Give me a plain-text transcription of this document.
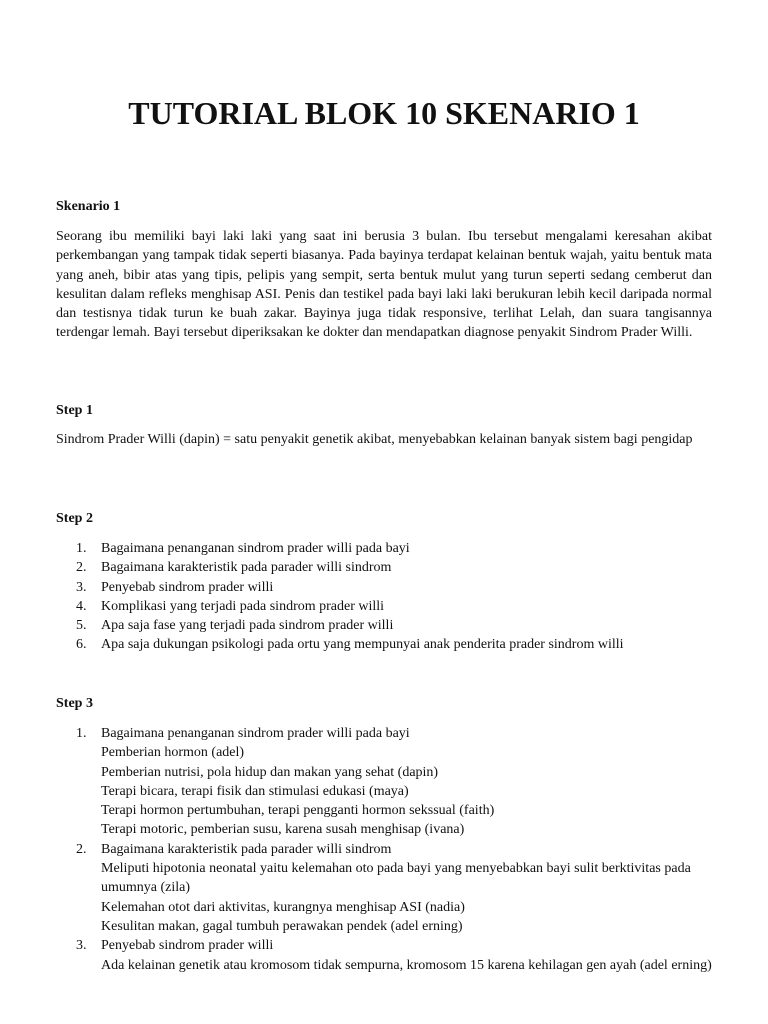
TUTORIAL BLOK 10 SKENARIO 1
Skenario 1

Seorang ibu memiliki bayi laki laki yang saat ini berusia 3 bulan. Ibu tersebut mengalami keresahan akibat perkembangan yang tampak tidak seperti biasanya. Pada bayinya terdapat kelainan bentuk wajah, yaitu bentuk mata yang aneh, bibir atas yang tipis, pelipis yang sempit, serta bentuk mulut yang turun seperti sedang cemberut dan kesulitan dalam refleks menghisap ASI. Penis dan testikel pada bayi laki laki berukuran lebih kecil daripada normal dan testisnya tidak turun ke buah zakar. Bayinya juga tidak responsive, terlihat Lelah, dan suara tangisannya terdengar lemah. Bayi tersebut diperiksakan ke dokter dan mendapatkan diagnose penyakit Sindrom Prader Willi.

Step 1

Sindrom Prader Willi (dapin) = satu penyakit genetik akibat, menyebabkan kelainan banyak sistem bagi pengidap

Step 2
1. Bagaimana penanganan sindrom prader willi pada bayi
2. Bagaimana karakteristik pada parader willi sindrom
3. Penyebab sindrom prader willi
4. Komplikasi yang terjadi pada sindrom prader willi
5. Apa saja fase yang terjadi pada sindrom prader willi
6. Apa saja dukungan psikologi pada ortu yang mempunyai anak penderita prader sindrom willi
Step 3
1. Bagaimana penanganan sindrom prader willi pada bayi
Pemberian hormon (adel)
Pemberian nutrisi, pola hidup dan makan yang sehat (dapin)
Terapi bicara, terapi fisik dan stimulasi edukasi (maya)
Terapi hormon pertumbuhan, terapi pengganti hormon sekssual (faith)
Terapi motoric, pemberian susu, karena susah menghisap (ivana)
2. Bagaimana karakteristik pada parader willi sindrom
Meliputi hipotonia neonatal yaitu kelemahan oto pada bayi yang menyebabkan bayi sulit berktivitas pada umumnya (zila)
Kelemahan otot dari aktivitas, kurangnya menghisap ASI (nadia)
Kesulitan makan, gagal tumbuh perawakan pendek (adel erning)
3. Penyebab sindrom prader willi
Ada kelainan genetik atau kromosom tidak sempurna, kromosom 15 karena kehilagan gen ayah (adel erning)
